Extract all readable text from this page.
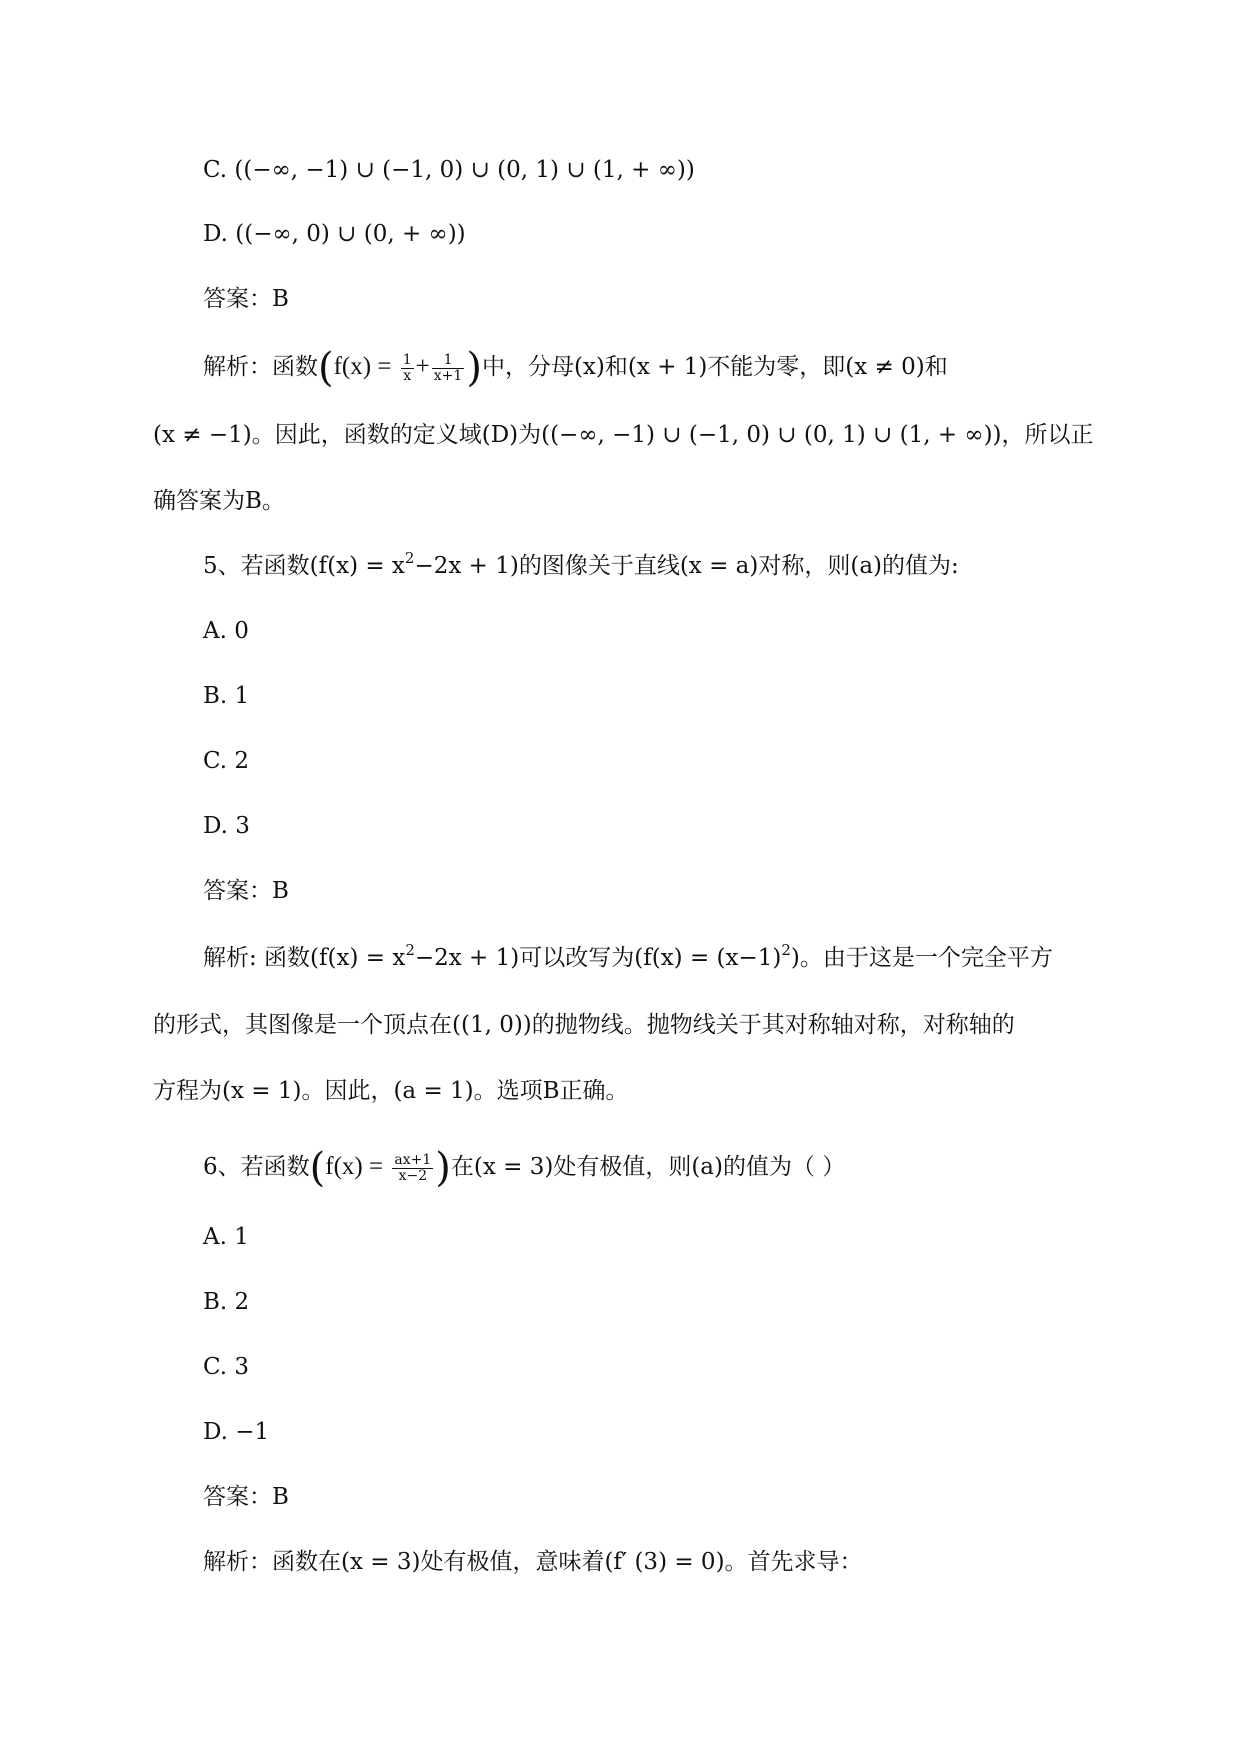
C. ((−∞, −1) ∪ (−1, 0) ∪ (0, 1) ∪ (1, + ∞))
D. ((−∞, 0) ∪ (0, + ∞))
答案：B
解析：函数($f(x) = \frac{1}{x} + \frac{1}{x+1}$ )中，分母(x)和(x + 1)不能为零，即(x ≠ 0)和
(x ≠ −1)。因此，函数的定义域(D)为((−∞, −1) ∪ (−1, 0) ∪ (0, 1) ∪ (1, + ∞))，所以正
确答案为B。
5、若函数$(f(x) = x^2-2x + 1)$的图像关于直线(x = a)对称，则(a)的值为:
A. 0
B. 1
C. 2
D. 3
答案：B
解析: 函数$(f(x) = x^2-2x + 1)$可以改写为$(f(x) = (x-1)^2)$。由于这是一个完全平方
的形式，其图像是一个顶点在((1, 0))的抛物线。抛物线关于其对称轴对称，对称轴的
方程为(x = 1)。因此，(a = 1)。选项B正确。
6、若函数($f(x) = \frac{ax+1}{x-2}$ )在(x = 3)处有极值，则(a)的值为（ ）
A. 1
B. 2
C. 3
D. −1
答案：B
解析：函数在(x = 3)处有极值，意味着(f′ (3) = 0)。首先求导：
